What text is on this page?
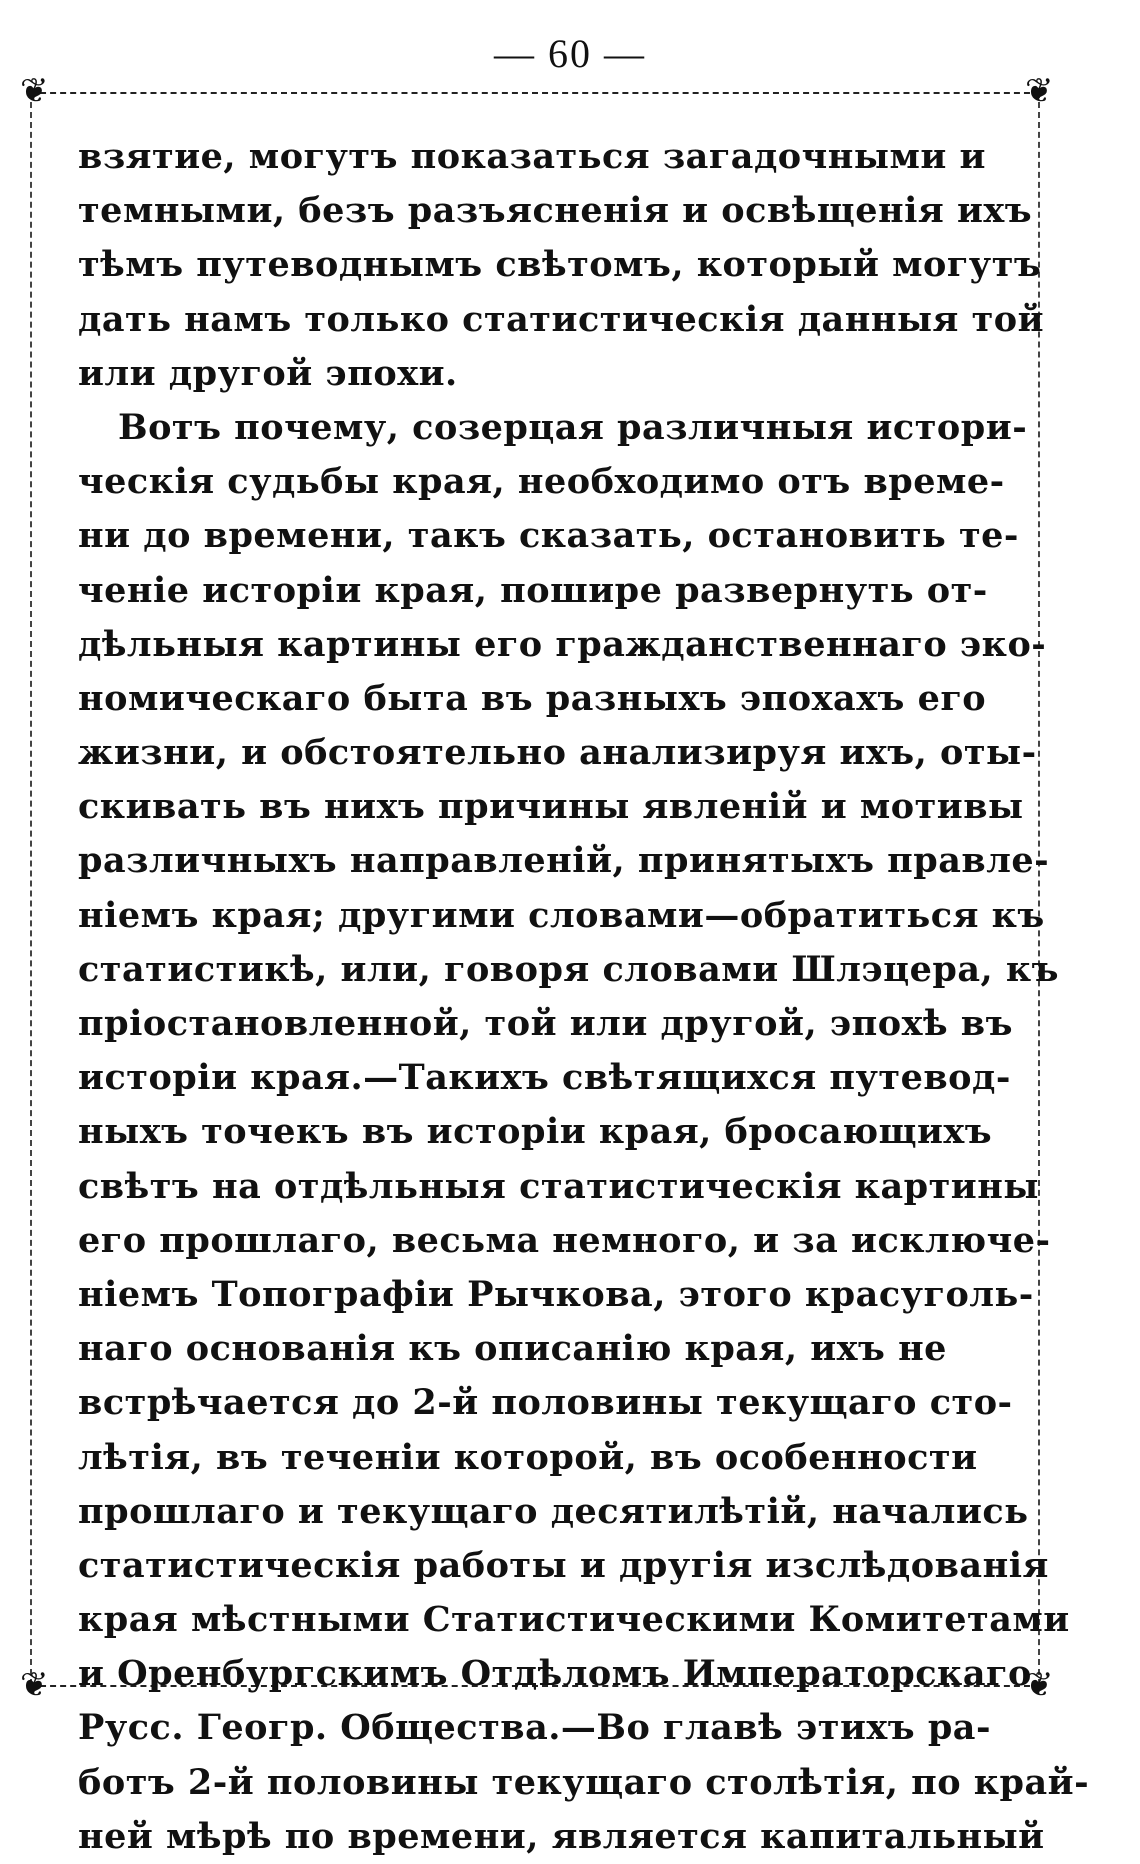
— 60 —
❦	❦
❦	❦
взятие, могутъ показаться загадочными и
темными, безъ разъясненія и освѣщенія ихъ
тѣмъ путеводнымъ свѣтомъ, который могутъ
дать намъ только статистическія данныя той
или другой эпохи.
Вотъ почему, созерцая различныя истори-
ческія судьбы края, необходимо отъ време-
ни до времени, такъ сказать, остановить те-
ченіе исторіи края, пошире развернуть от-
дѣльныя картины его гражданственнаго эко-
номическаго быта въ разныхъ эпохахъ его
жизни, и обстоятельно анализируя ихъ, оты-
скивать въ нихъ причины явленій и мотивы
различныхъ направленій, принятыхъ правле-
ніемъ края; другими словами—обратиться къ
статистикѣ, или, говоря словами Шлэцера, къ
пріостановленной, той или другой, эпохѣ въ
исторіи края.—Такихъ свѣтящихся путевод-
ныхъ точекъ въ исторіи края, бросающихъ
свѣтъ на отдѣльныя статистическія картины
его прошлаго, весьма немного, и за исключе-
ніемъ Топографіи Рычкова, этого красуголь-
наго основанія къ описанію края, ихъ не
встрѣчается до 2-й половины текущаго сто-
лѣтія, въ теченіи которой, въ особенности
прошлаго и текущаго десятилѣтій, начались
статистическія работы и другія изслѣдованія
края мѣстными Статистическими Комитетами
и Оренбургскимъ Отдѣломъ Императорскаго
Русс. Геогр. Общества.—Во главѣ этихъ ра-
ботъ 2-й половины текущаго столѣтія, по край-
ней мѣрѣ по времени, является капитальный
